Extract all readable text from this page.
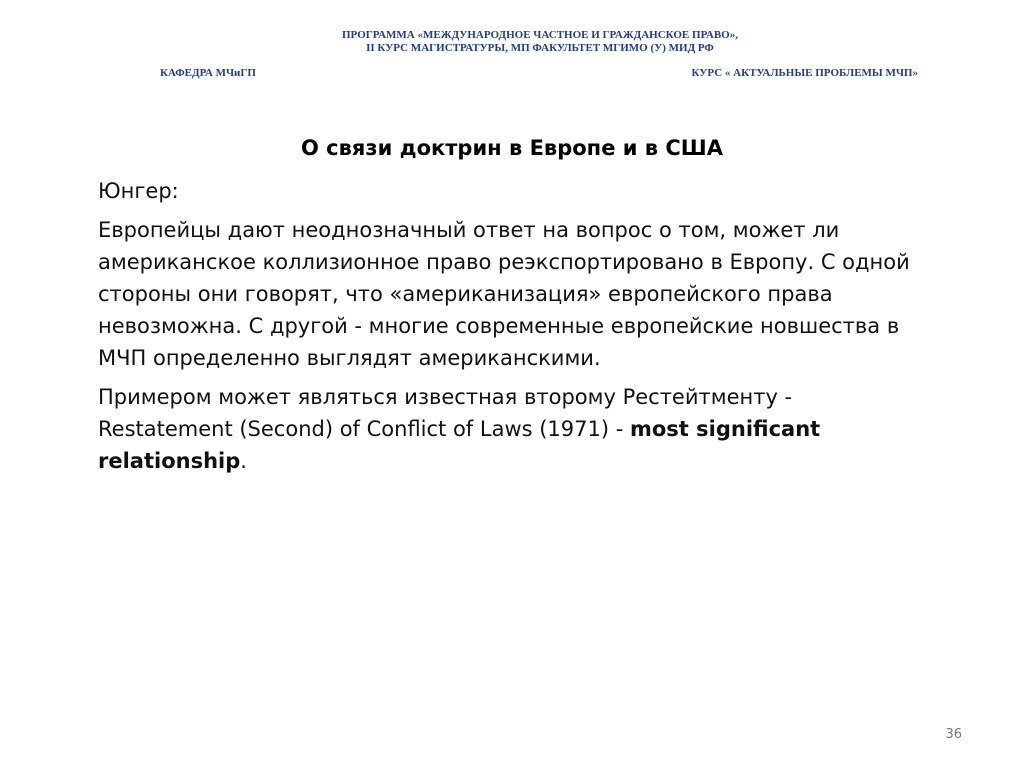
ПРОГРАММА «МЕЖДУНАРОДНОЕ ЧАСТНОЕ И ГРАЖДАНСКОЕ ПРАВО»,
II КУРС МАГИСТРАТУРЫ, МП ФАКУЛЬТЕТ МГИМО (У) МИД РФ
КАФЕДРА МЧиГП	КУРС « АКТУАЛЬНЫЕ ПРОБЛЕМЫ МЧП»
О связи доктрин в Европе и в США

Юнгер:

Европейцы дают неоднозначный ответ на вопрос о том, может ли американское коллизионное право реэкспортировано в Европу. С одной стороны они говорят, что «американизация» европейского права невозможна. С другой - многие современные европейские новшества в МЧП определенно выглядят американскими.

Примером может являться известная второму Рестейтменту - Restatement (Second) of Conflict of Laws (1971) - most significant relationship.

36
